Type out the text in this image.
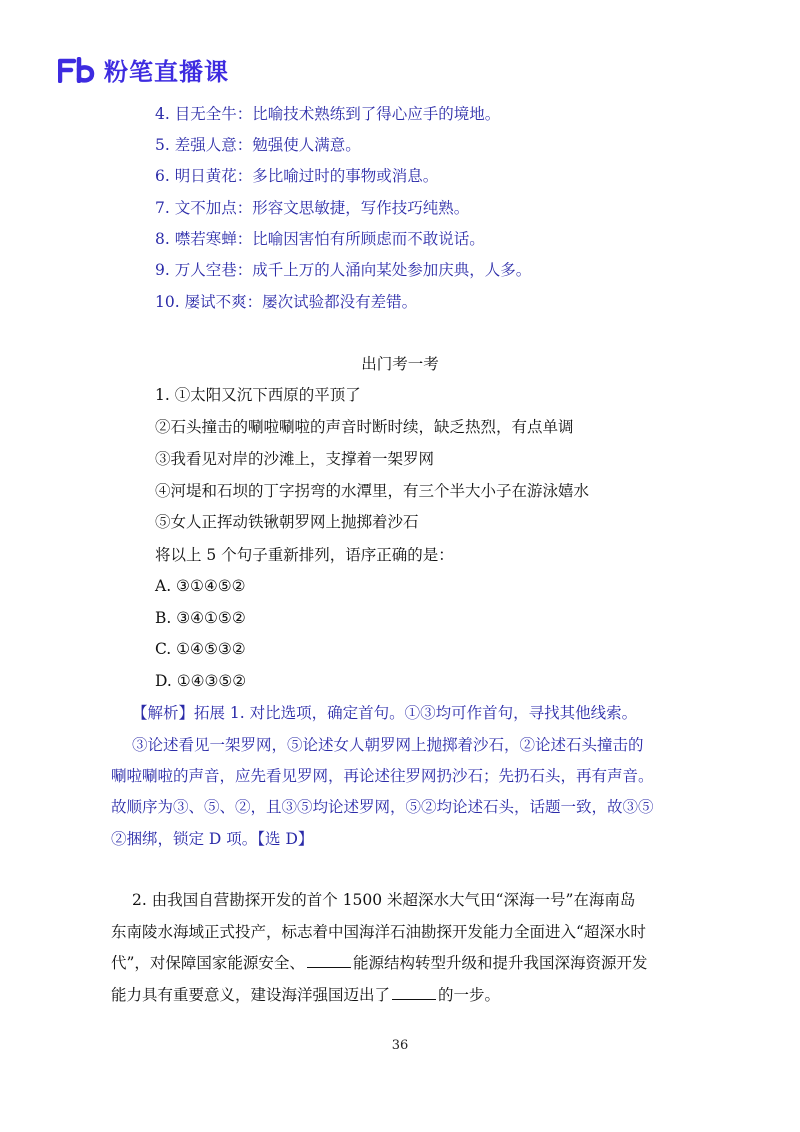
粉笔直播课
4. 目无全牛：比喻技术熟练到了得心应手的境地。
5. 差强人意：勉强使人满意。
6. 明日黄花：多比喻过时的事物或消息。
7. 文不加点：形容文思敏捷，写作技巧纯熟。
8. 噤若寒蝉：比喻因害怕有所顾虑而不敢说话。
9. 万人空巷：成千上万的人涌向某处参加庆典，人多。
10. 屡试不爽：屡次试验都没有差错。
出门考一考
1. ①太阳又沉下西原的平顶了
②石头撞击的唰啦唰啦的声音时断时续，缺乏热烈，有点单调
③我看见对岸的沙滩上，支撑着一架罗网
④河堤和石坝的丁字拐弯的水潭里，有三个半大小子在游泳嬉水
⑤女人正挥动铁锹朝罗网上抛掷着沙石
将以上 5 个句子重新排列，语序正确的是：
A. ③①④⑤②
B. ③④①⑤②
C. ①④⑤③②
D. ①④③⑤②
【解析】拓展 1. 对比选项，确定首句。①③均可作首句，寻找其他线索。
③论述看见一架罗网，⑤论述女人朝罗网上抛掷着沙石，②论述石头撞击的
唰啦唰啦的声音，应先看见罗网，再论述往罗网扔沙石；先扔石头，再有声音。
故顺序为③、⑤、②，且③⑤均论述罗网，⑤②均论述石头，话题一致，故③⑤
②捆绑，锁定 D 项。【选 D】
2. 由我国自营勘探开发的首个 1500 米超深水大气田“深海一号”在海南岛
东南陵水海域正式投产，标志着中国海洋石油勘探开发能力全面进入“超深水时
代”，对保障国家能源安全、	能源结构转型升级和提升我国深海资源开发
能力具有重要意义，建设海洋强国迈出了	的一步。
36
